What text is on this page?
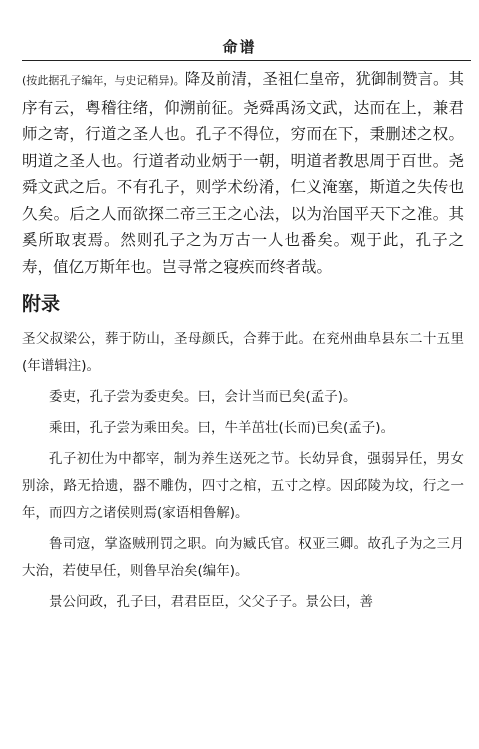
命谱

(按此据孔子编年，与史记稍异)。降及前清，圣祖仁皇帝，犹御制赞言。其序有云，粤稽往绪，仰溯前征。尧舜禹汤文武，达而在上，兼君师之寄，行道之圣人也。孔子不得位，穷而在下，秉删述之权。明道之圣人也。行道者动业炳于一朝，明道者教思周于百世。尧舜文武之后。不有孔子，则学术纷淆，仁义淹塞，斯道之失传也久矣。后之人而欲探二帝三王之心法，以为治国平天下之准。其奚所取衷焉。然则孔子之为万古一人也番矣。观于此，孔子之寿，值亿万斯年也。岂寻常之寝疾而终者哉。

附录

圣父叔梁公，葬于防山，圣母颜氏，合葬于此。在兖州曲阜县东二十五里(年谱辑注)。

委吏，孔子尝为委吏矣。曰，会计当而已矣(孟子)。

乘田，孔子尝为乘田矣。曰，牛羊茁壮(长而)已矣(孟子)。

孔子初仕为中都宰，制为养生送死之节。长幼异食，强弱异任，男女别涂，路无拾遗，器不雕伪，四寸之棺，五寸之椁。因邱陵为坟，行之一年，而四方之诸侯则焉(家语相鲁解)。

鲁司寇，掌盗贼刑罚之职。向为臧氏官。权亚三卿。故孔子为之三月大治，若使早任，则鲁早治矣(编年)。

景公问政，孔子曰，君君臣臣，父父子子。景公曰，善
